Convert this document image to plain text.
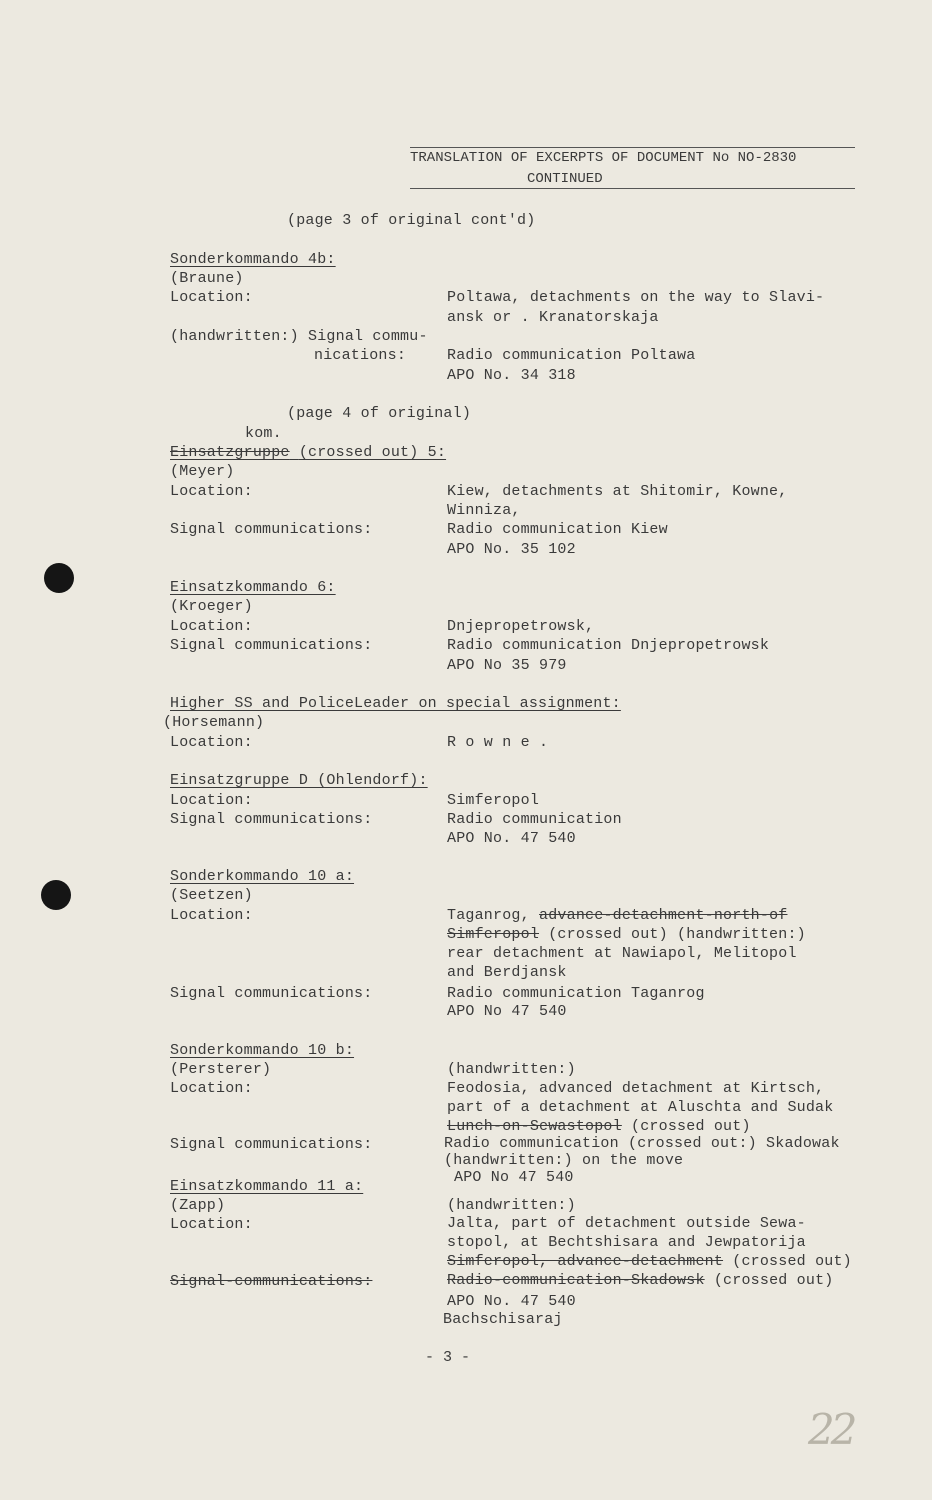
TRANSLATION OF EXCERPTS OF DOCUMENT No NO-2830
CONTINUED
(page 3 of original cont'd)
Sonderkommando 4b:
(Braune)
Location:	Poltawa, detachments on the way to Slavi-
ansk or . Kranatorskaja
(handwritten:) Signal commu-
nications:	Radio communication Poltawa
APO No. 34 318
(page 4 of original)
kom.
Einsatzgruppe (crossed out) 5:
(Meyer)
Location:	Kiew, detachments at Shitomir, Kowne,
Winniza,
Signal communications:	Radio communication Kiew
APO No. 35 102
Einsatzkommando 6:
(Kroeger)
Location:	Dnjepropetrowsk,
Signal communications:	Radio communication Dnjepropetrowsk
APO No 35 979
Higher SS and PoliceLeader on special assignment:
(Horsemann)
Location:	R o w n e .
Einsatzgruppe D (Ohlendorf):
Location:	Simferopol
Signal communications:	Radio communication
APO No. 47 540
Sonderkommando 10 a:
(Seetzen)
Location:	Taganrog, advance-detachment-north-of
Simferopol (crossed out) (handwritten:)
rear detachment at Nawiapol, Melitopol
and Berdjansk
Signal communications:	Radio communication Taganrog
APO No 47 540
Sonderkommando 10 b:
(Persterer)	(handwritten:)
Location:	Feodosia, advanced detachment at Kirtsch,
part of a detachment at Aluschta and Sudak
Lunch-on-Sewastopol (crossed out)
Signal communications:	Radio communication (crossed out:) Skadowak
(handwritten:) on the move
APO No 47 540
Einsatzkommando 11 a:
(Zapp)	(handwritten:)
Location:	Jalta, part of detachment outside Sewa-
stopol, at Bechtshisara and Jewpatorija
Simferopol, advance-detachment (crossed out)
Signal-communications:	Radio-communication-Skadowsk (crossed out)
APO No. 47 540
Bachschisaraj
- 3 -
22
